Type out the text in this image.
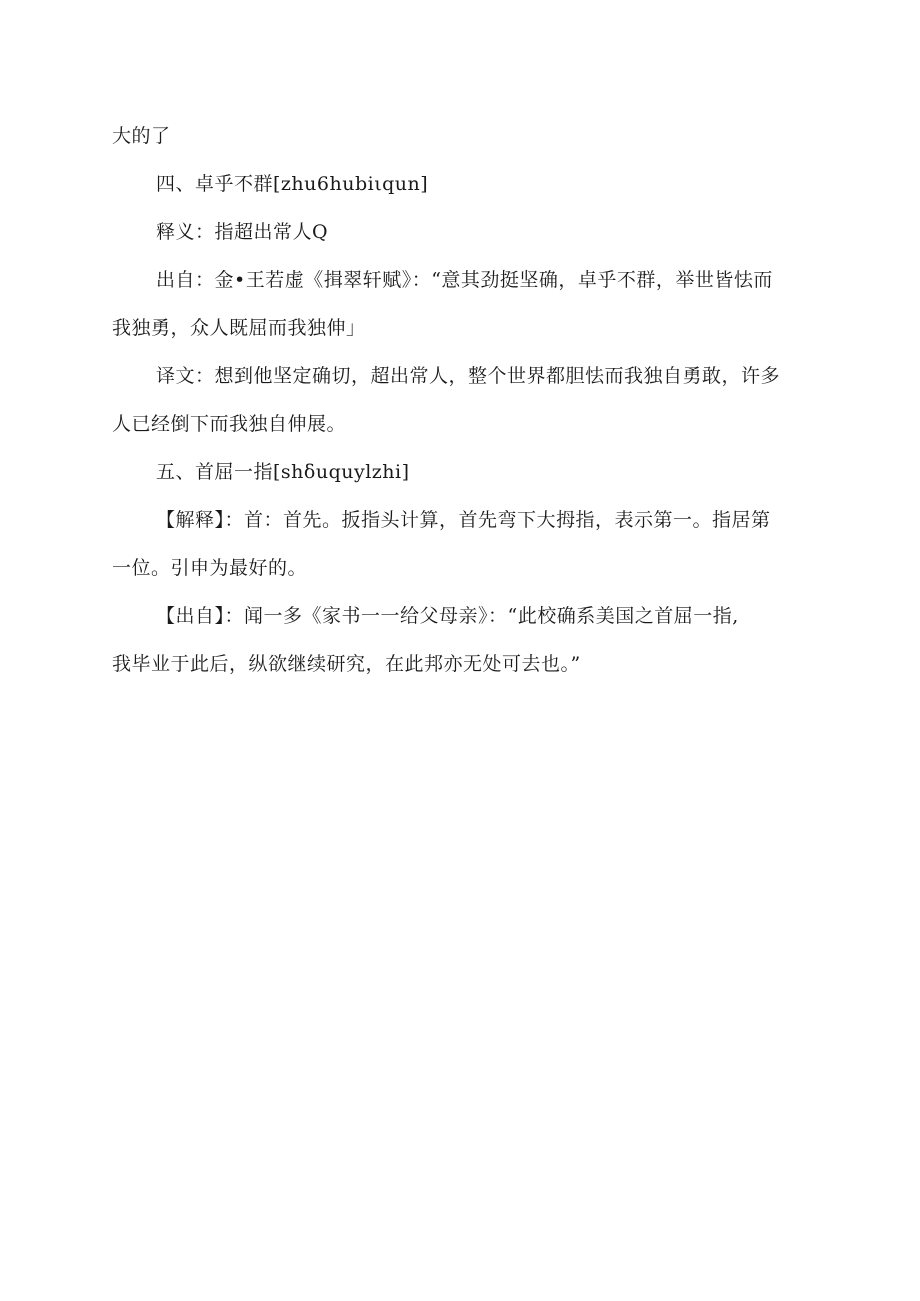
大的了
四、卓乎不群[zhu6hubiιqun]
释义：指超出常人Q
出自：金•王若虚《揖翠轩赋》：“意其劲挺坚确，卓乎不群，举世皆怯而
我独勇，众人既屈而我独伸」
译文：想到他坚定确切，超出常人，整个世界都胆怯而我独自勇敢，许多
人已经倒下而我独自伸展。
五、首屈一指[shδuquylzhi]
【解释】：首：首先。扳指头计算，首先弯下大拇指，表示第一。指居第
一位。引申为最好的。
【出自】：闻一多《家书一一给父母亲》：“此校确系美国之首屈一指,
我毕业于此后，纵欲继续研究，在此邦亦无处可去也。”
